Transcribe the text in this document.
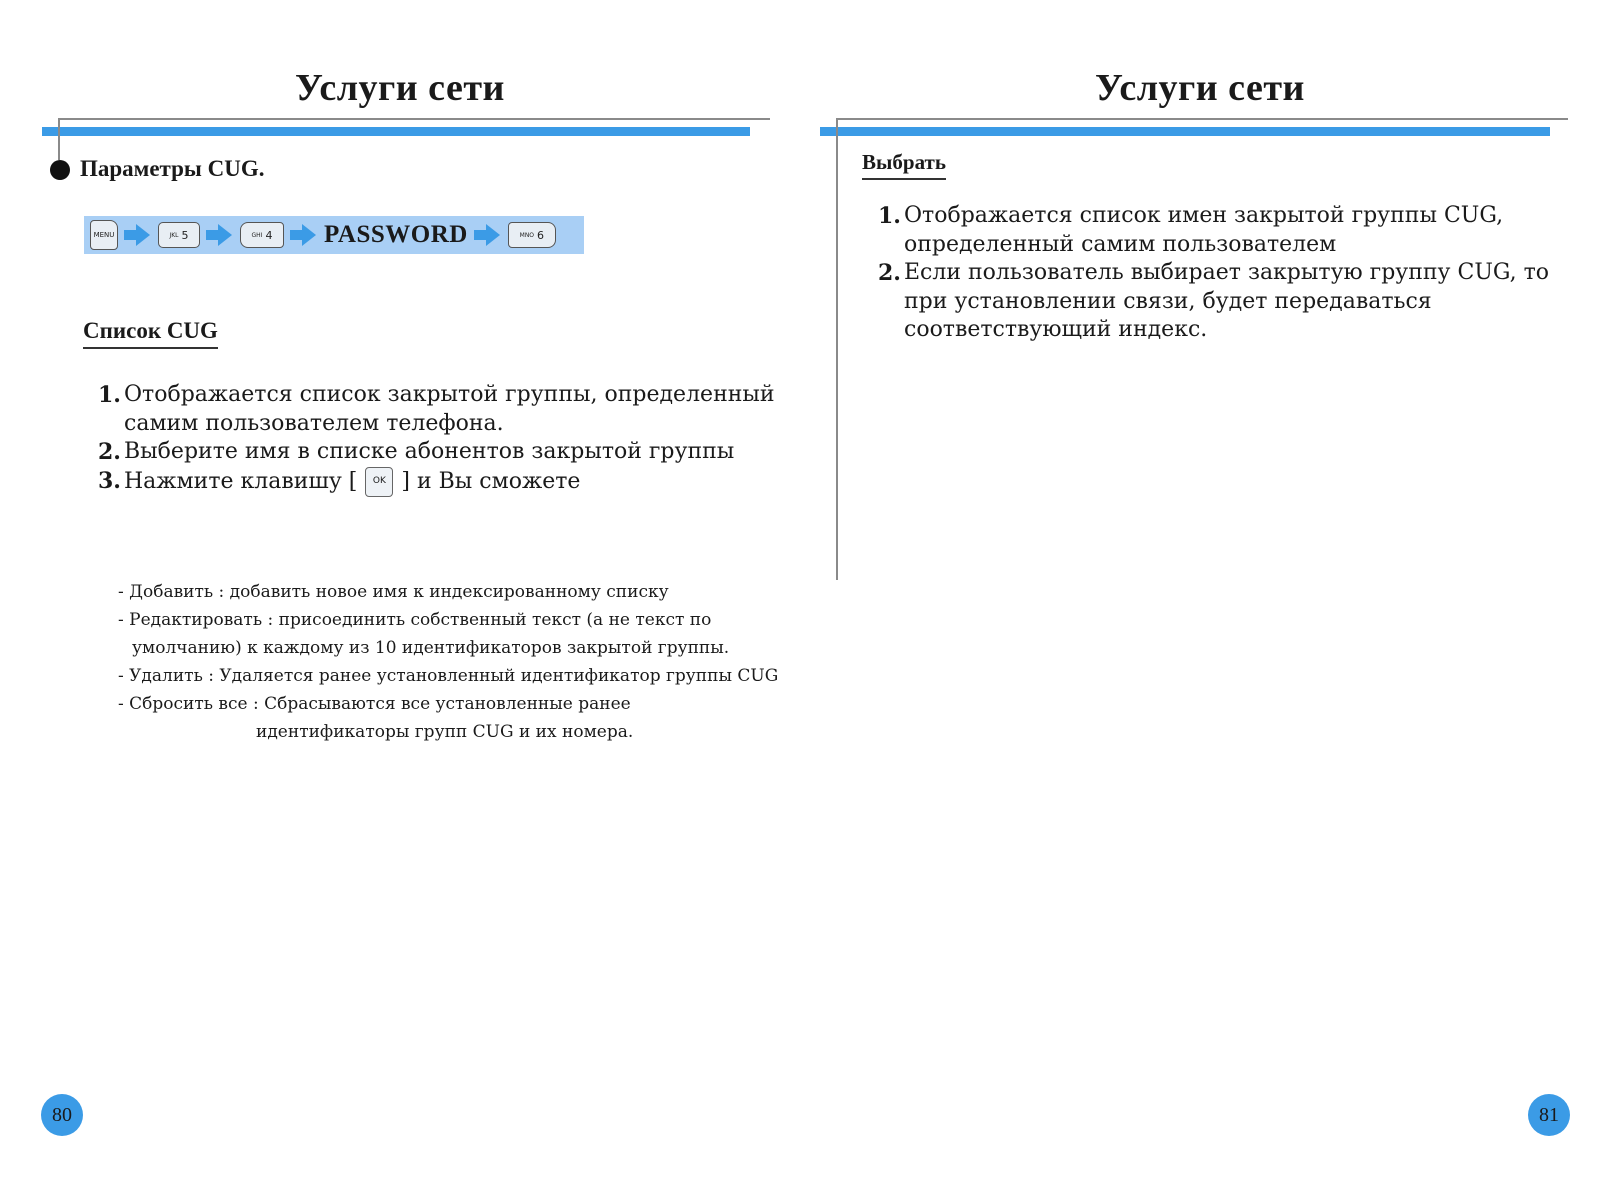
Услуги сети
Параметры CUG.
MENU	JKL 5	GHI 4 PASSWORD	MNO 6
Список CUG
1. Отображается список закрытой группы, определенный
самим пользователем телефона.
2. Выберите имя в списке абонентов закрытой группы
3. Нажмите клавишу [ OK ] и Вы сможете
- Добавить : добавить новое имя к индексированному списку
- Редактировать : присоединить собственный текст (а не текст по
умолчанию) к каждому из 10 идентификаторов закрытой группы.
- Удалить : Удаляется ранее установленный идентификатор группы CUG
- Сбросить все : Сбрасываются все установленные ранее
идентификаторы групп CUG и их номера.
80
Услуги сети
Выбрать
1. Отображается список имен закрытой группы CUG,
определенный самим пользователем
2. Если пользователь выбирает закрытую группу CUG, то
при установлении связи, будет передаваться
соответствующий индекс.
81
